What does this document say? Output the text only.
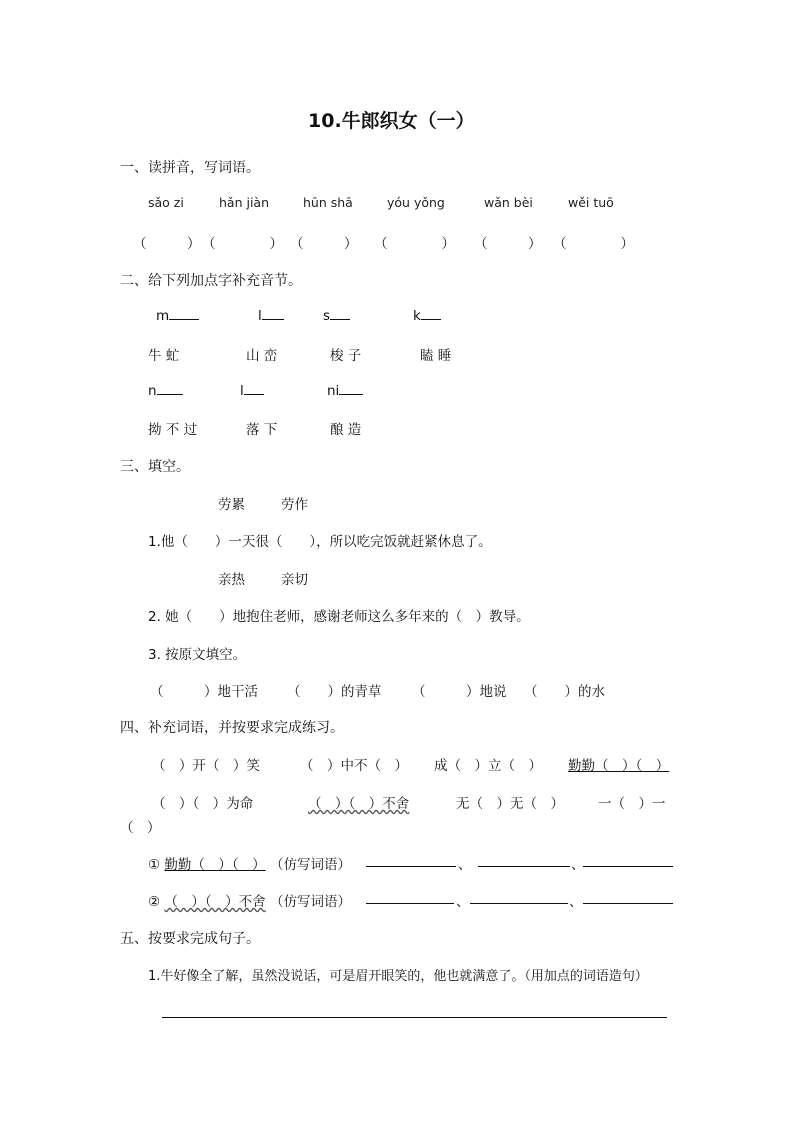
10.牛郎织女（一）
一、读拼音，写词语。
sǎo zi	hǎn jiàn	hūn shā	yóu yǒng	wǎn bèi	wěi tuō
（　　　） （　　　　） （　　　） （　　　　） （　　　） （　　　　）
二、给下列加点字补充音节。
m	l	s	k
牛 虻	山 峦	梭 子	瞌 睡
n	l	ni
拗 不 过	落 下	酿 造
三、填空。
劳累	劳作
1.他（　　）一天很（　　），所以吃完饭就赶紧休息了。
亲热	亲切
2. 她（　　）地抱住老师，感谢老师这么多年来的（　）教导。
3. 按原文填空。
（　　　）地干活 （　　）的青草 （　　　）地说 （　　）的水
四、补充词语，并按要求完成练习。
（　）开（　）笑	（　）中不（　） 成（　）立（　） 勤勤（　）（　）
（　）（　）为命	（　）（　）不舍	无（　）无（　）	一（　）一
（　）
① 勤勤（　）（　） （仿写词语）	、	、
② （　）（　）不舍 （仿写词语）	、	、
五、按要求完成句子。
1.牛好像全了解，虽然没说话，可是眉开眼笑的，他也就满意了。（用加点的词语造句）
